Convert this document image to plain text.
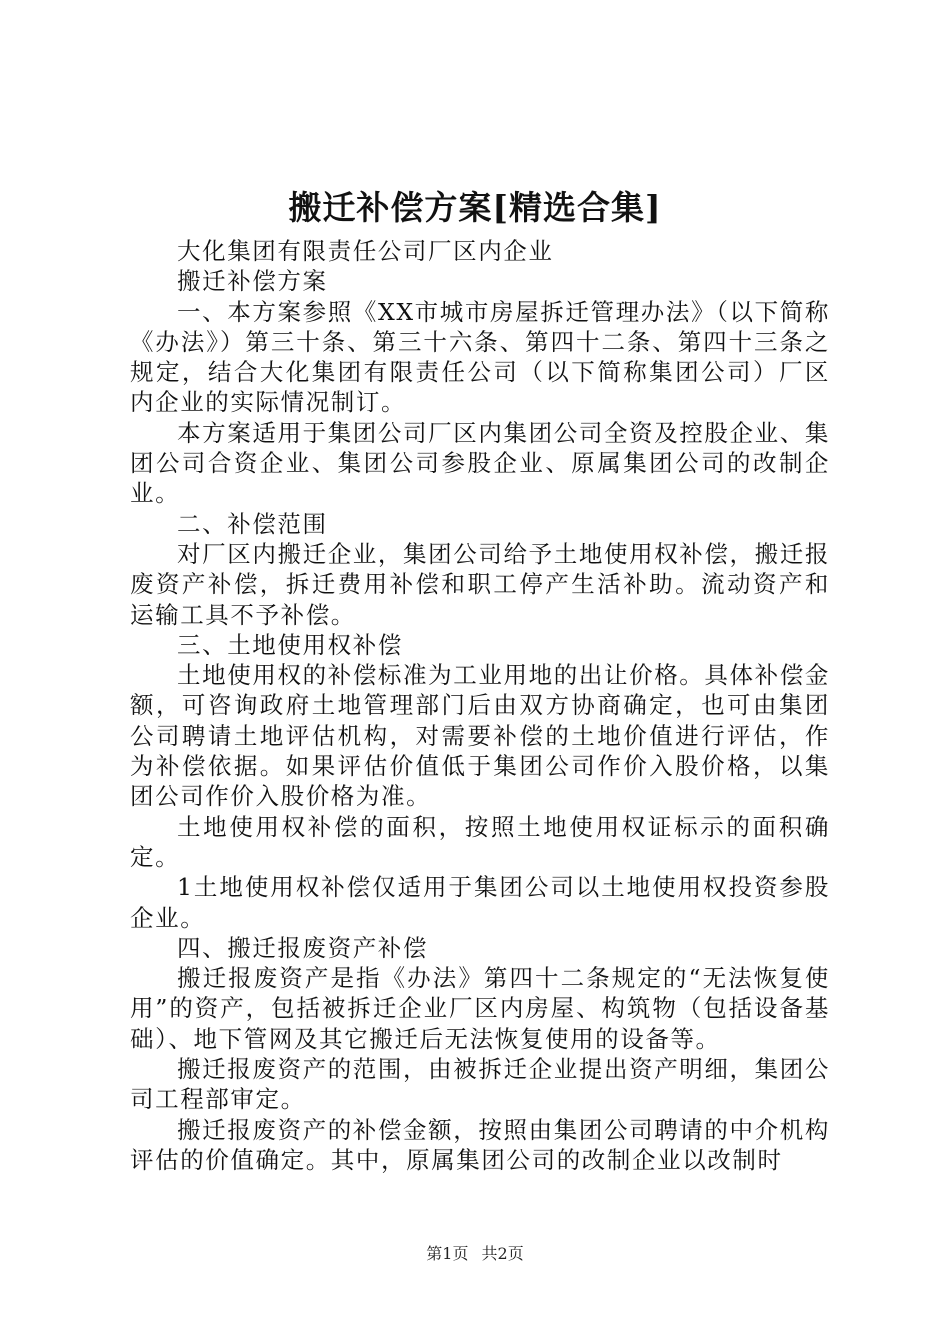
搬迁补偿方案[精选合集]

大化集团有限责任公司厂区内企业

搬迁补偿方案

一、本方案参照《XX市城市房屋拆迁管理办法》（以下简称《办法》）第三十条、第三十六条、第四十二条、第四十三条之规定，结合大化集团有限责任公司（以下简称集团公司）厂区内企业的实际情况制订。

本方案适用于集团公司厂区内集团公司全资及控股企业、集团公司合资企业、集团公司参股企业、原属集团公司的改制企业。

二、补偿范围

对厂区内搬迁企业，集团公司给予土地使用权补偿，搬迁报废资产补偿，拆迁费用补偿和职工停产生活补助。流动资产和运输工具不予补偿。

三、土地使用权补偿

土地使用权的补偿标准为工业用地的出让价格。具体补偿金额，可咨询政府土地管理部门后由双方协商确定，也可由集团公司聘请土地评估机构，对需要补偿的土地价值进行评估，作为补偿依据。如果评估价值低于集团公司作价入股价格，以集团公司作价入股价格为准。

土地使用权补偿的面积，按照土地使用权证标示的面积确定。

1土地使用权补偿仅适用于集团公司以土地使用权投资参股企业。

四、搬迁报废资产补偿

搬迁报废资产是指《办法》第四十二条规定的“无法恢复使用”的资产，包括被拆迁企业厂区内房屋、构筑物（包括设备基础）、地下管网及其它搬迁后无法恢复使用的设备等。

搬迁报废资产的范围，由被拆迁企业提出资产明细，集团公司工程部审定。

搬迁报废资产的补偿金额，按照由集团公司聘请的中介机构评估的价值确定。其中，原属集团公司的改制企业以改制时

第1页 共2页
